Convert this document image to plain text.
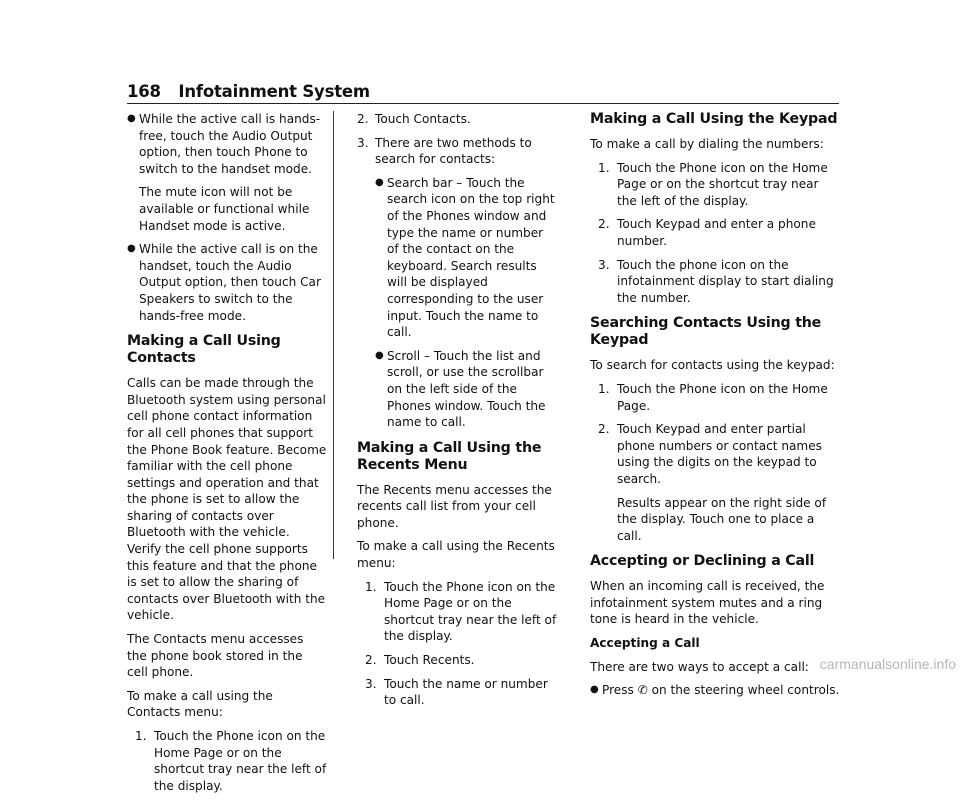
168 Infotainment System
● While the active call is hands-free, touch the Audio Output option, then touch Phone to switch to the handset mode.

The mute icon will not be available or functional while Handset mode is active.

● While the active call is on the handset, touch the Audio Output option, then touch Car Speakers to switch to the hands-free mode.
Making a Call Using Contacts

Calls can be made through the Bluetooth system using personal cell phone contact information for all cell phones that support the Phone Book feature. Become familiar with the cell phone settings and operation and that the phone is set to allow the sharing of contacts over Bluetooth with the vehicle. Verify the cell phone supports this feature and that the phone is set to allow the sharing of contacts over Bluetooth with the vehicle.

The Contacts menu accesses the phone book stored in the cell phone.

To make a call using the Contacts menu:

1. Touch the Phone icon on the Home Page or on the shortcut tray near the left of the display.
2. Touch Contacts.
3. There are two methods to search for contacts:
● Search bar – Touch the search icon on the top right of the Phones window and type the name or number of the contact on the keyboard. Search results will be displayed corresponding to the user input. Touch the name to call.
● Scroll – Touch the list and scroll, or use the scrollbar on the left side of the Phones window. Touch the name to call.
Making a Call Using the Recents Menu

The Recents menu accesses the recents call list from your cell phone.

To make a call using the Recents menu:

1. Touch the Phone icon on the Home Page or on the shortcut tray near the left of the display.
2. Touch Recents.
3. Touch the name or number to call.
Making a Call Using the Keypad

To make a call by dialing the numbers:

1. Touch the Phone icon on the Home Page or on the shortcut tray near the left of the display.
2. Touch Keypad and enter a phone number.
3. Touch the phone icon on the infotainment display to start dialing the number.
Searching Contacts Using the Keypad

To search for contacts using the keypad:

1. Touch the Phone icon on the Home Page.
2. Touch Keypad and enter partial phone numbers or contact names using the digits on the keypad to search.

Results appear on the right side of the display. Touch one to place a call.

Accepting or Declining a Call

When an incoming call is received, the infotainment system mutes and a ring tone is heard in the vehicle.

Accepting a Call

There are two ways to accept a call:

● Press ✆ on the steering wheel controls.
carmanualsonline.info
